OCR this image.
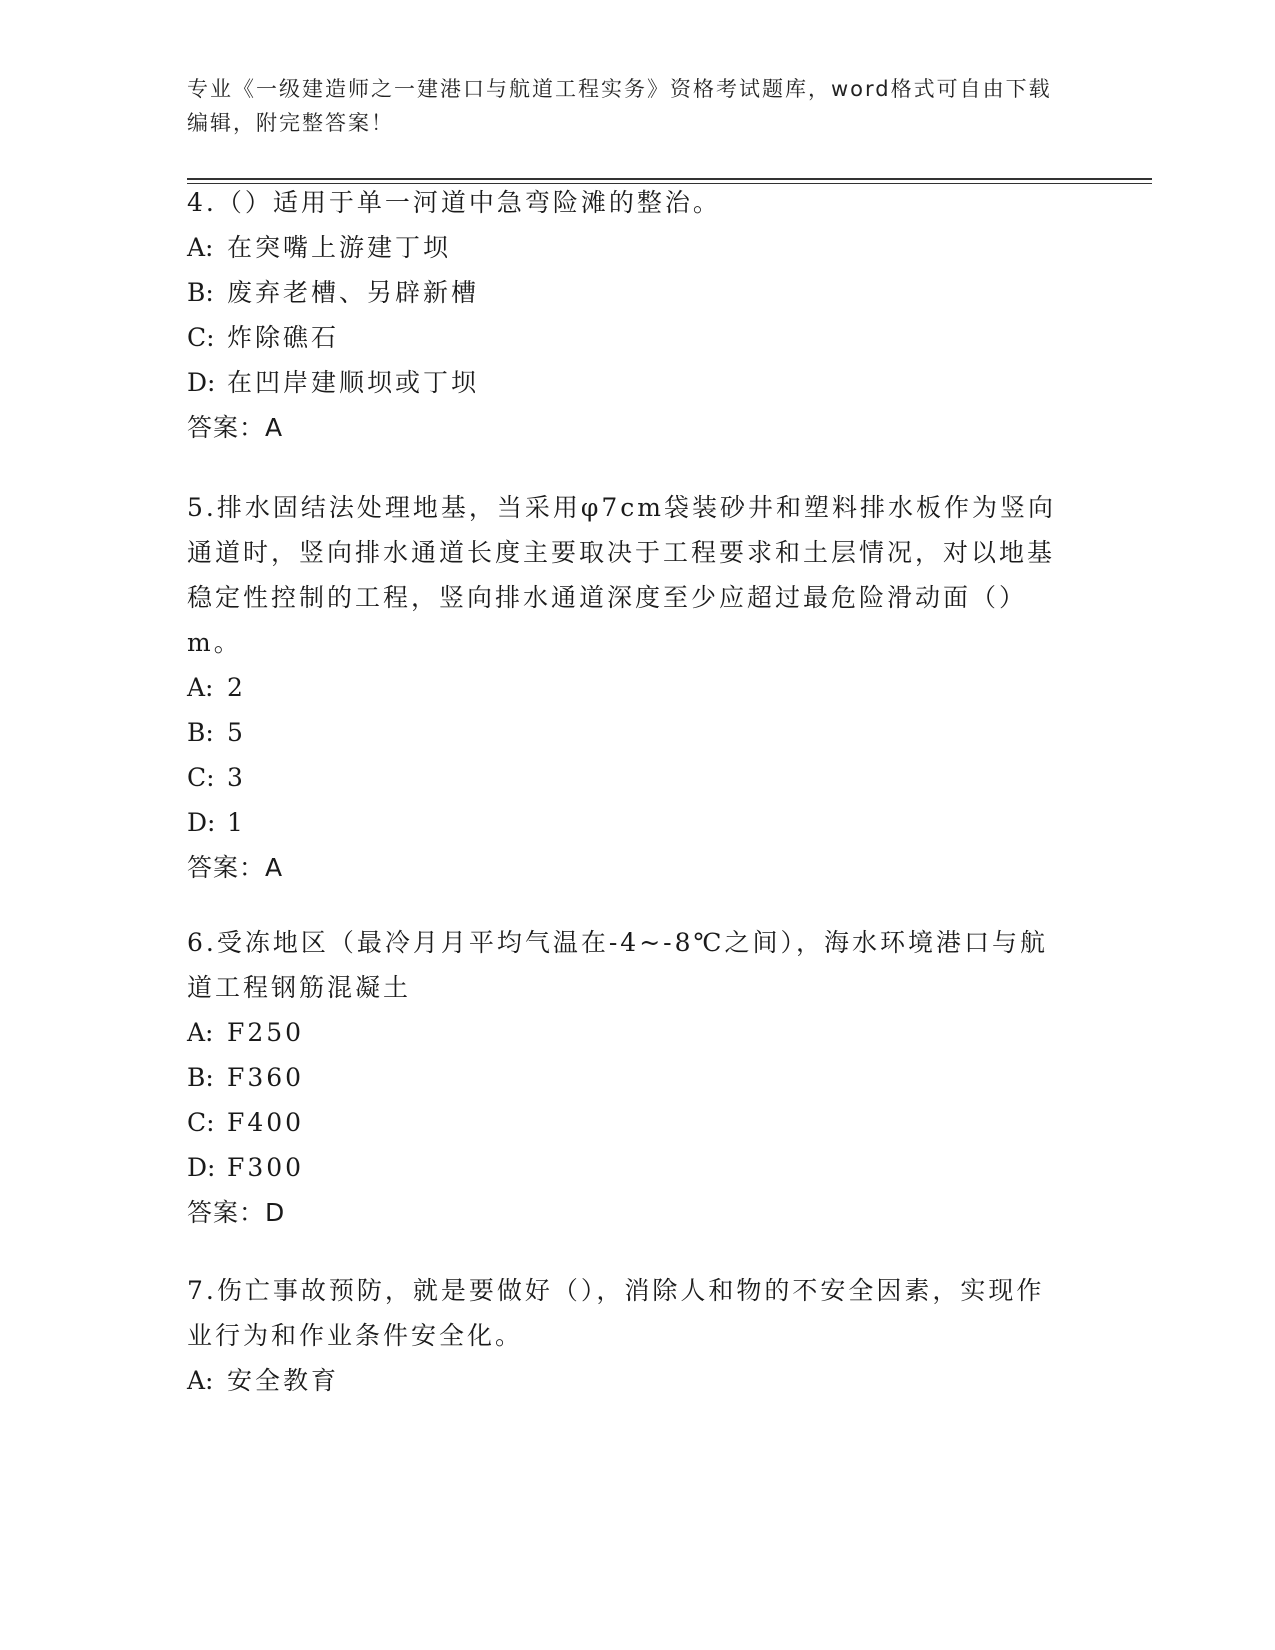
专业《一级建造师之一建港口与航道工程实务》资格考试题库，word格式可自由下载编辑，附完整答案！
4.（）适用于单一河道中急弯险滩的整治。
A: 在突嘴上游建丁坝
B: 废弃老槽、另辟新槽
C: 炸除礁石
D: 在凹岸建顺坝或丁坝
答案：A
5.排水固结法处理地基，当采用φ7cm袋装砂井和塑料排水板作为竖向通道时，竖向排水通道长度主要取决于工程要求和土层情况，对以地基稳定性控制的工程，竖向排水通道深度至少应超过最危险滑动面（）m。
A: 2
B: 5
C: 3
D: 1
答案：A
6.受冻地区（最冷月月平均气温在-4~-8℃之间），海水环境港口与航道工程钢筋混凝土
A: F250
B: F360
C: F400
D: F300
答案：D
7.伤亡事故预防，就是要做好（），消除人和物的不安全因素，实现作业行为和作业条件安全化。
A: 安全教育
